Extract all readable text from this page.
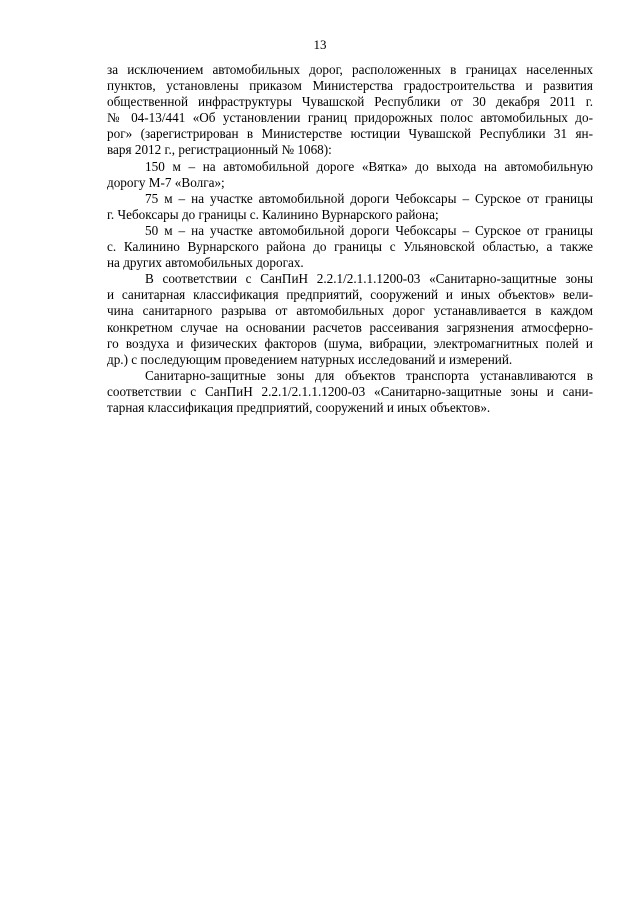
13
за исключением автомобильных дорог, расположенных в границах населенных
пунктов, установлены приказом Министерства градостроительства и развития
общественной инфраструктуры Чувашской Республики от 30 декабря 2011 г.
№ 04-13/441 «Об установлении границ придорожных полос автомобильных до-
рог» (зарегистрирован в Министерстве юстиции Чувашской Республики 31 ян-
варя 2012 г., регистрационный № 1068):
150 м – на автомобильной дороге «Вятка» до выхода на автомобильную
дорогу М-7 «Волга»;
75 м – на участке автомобильной дороги Чебоксары – Сурское от границы
г. Чебоксары до границы с. Калинино Вурнарского района;
50 м – на участке автомобильной дороги Чебоксары – Сурское от границы
с. Калинино Вурнарского района до границы с Ульяновской областью, а также
на других автомобильных дорогах.
В соответствии с СанПиН 2.2.1/2.1.1.1200-03 «Санитарно-защитные зоны
и санитарная классификация предприятий, сооружений и иных объектов» вели-
чина санитарного разрыва от автомобильных дорог устанавливается в каждом
конкретном случае на основании расчетов рассеивания загрязнения атмосферно-
го воздуха и физических факторов (шума, вибрации, электромагнитных полей и
др.) с последующим проведением натурных исследований и измерений.
Санитарно-защитные зоны для объектов транспорта устанавливаются в
соответствии с СанПиН 2.2.1/2.1.1.1200-03 «Санитарно-защитные зоны и сани-
тарная классификация предприятий, сооружений и иных объектов».
